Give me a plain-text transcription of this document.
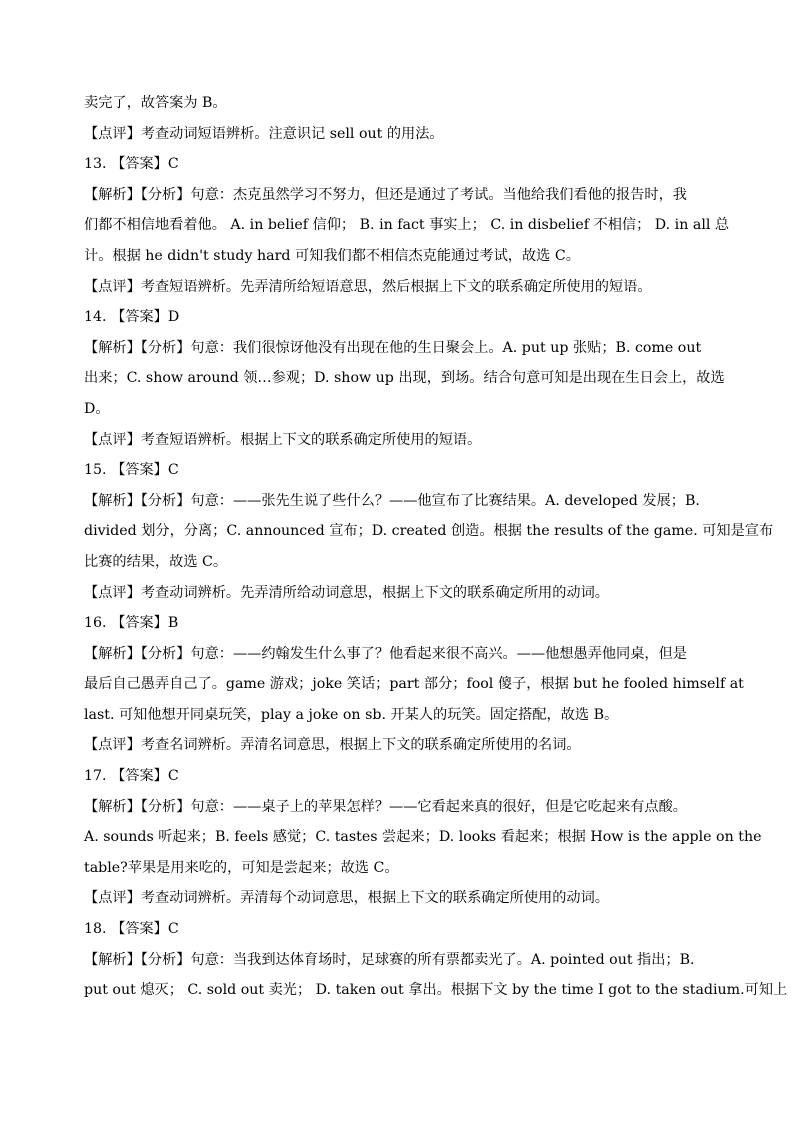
卖完了，故答案为 B。
【点评】考查动词短语辨析。注意识记 sell out 的用法。
13. 【答案】C
【解析】【分析】句意：杰克虽然学习不努力，但还是通过了考试。当他给我们看他的报告时，我
们都不相信地看着他。 A. in belief 信仰； B. in fact 事实上； C. in disbelief 不相信； D. in all 总
计。根据 he didn't study hard 可知我们都不相信杰克能通过考试，故选 C。
【点评】考查短语辨析。先弄清所给短语意思，然后根据上下文的联系确定所使用的短语。
14. 【答案】D
【解析】【分析】句意：我们很惊讶他没有出现在他的生日聚会上。A. put up 张贴；B. come out
出来；C. show around 领…参观；D. show up 出现，到场。结合句意可知是出现在生日会上，故选
D。
【点评】考查短语辨析。根据上下文的联系确定所使用的短语。
15. 【答案】C
【解析】【分析】句意：——张先生说了些什么？——他宣布了比赛结果。A. developed 发展；B.
divided 划分，分离；C. announced 宣布；D. created 创造。根据 the results of the game. 可知是宣布
比赛的结果，故选 C。
【点评】考查动词辨析。先弄清所给动词意思，根据上下文的联系确定所用的动词。
16. 【答案】B
【解析】【分析】句意：——约翰发生什么事了？他看起来很不高兴。——他想愚弄他同桌，但是
最后自己愚弄自己了。game 游戏；joke 笑话；part 部分；fool 傻子，根据 but he fooled himself at
last. 可知他想开同桌玩笑，play a joke on sb. 开某人的玩笑。固定搭配，故选 B。
【点评】考查名词辨析。弄清名词意思，根据上下文的联系确定所使用的名词。
17. 【答案】C
【解析】【分析】句意：——桌子上的苹果怎样？——它看起来真的很好，但是它吃起来有点酸。
A. sounds 听起来；B. feels 感觉；C. tastes 尝起来；D. looks 看起来；根据 How is the apple on the
table?苹果是用来吃的，可知是尝起来；故选 C。
【点评】考查动词辨析。弄清每个动词意思，根据上下文的联系确定所使用的动词。
18. 【答案】C
【解析】【分析】句意：当我到达体育场时，足球赛的所有票都卖光了。A. pointed out 指出；B.
put out 熄灭； C. sold out 卖光； D. taken out 拿出。根据下文 by the time I got to the stadium.可知上
